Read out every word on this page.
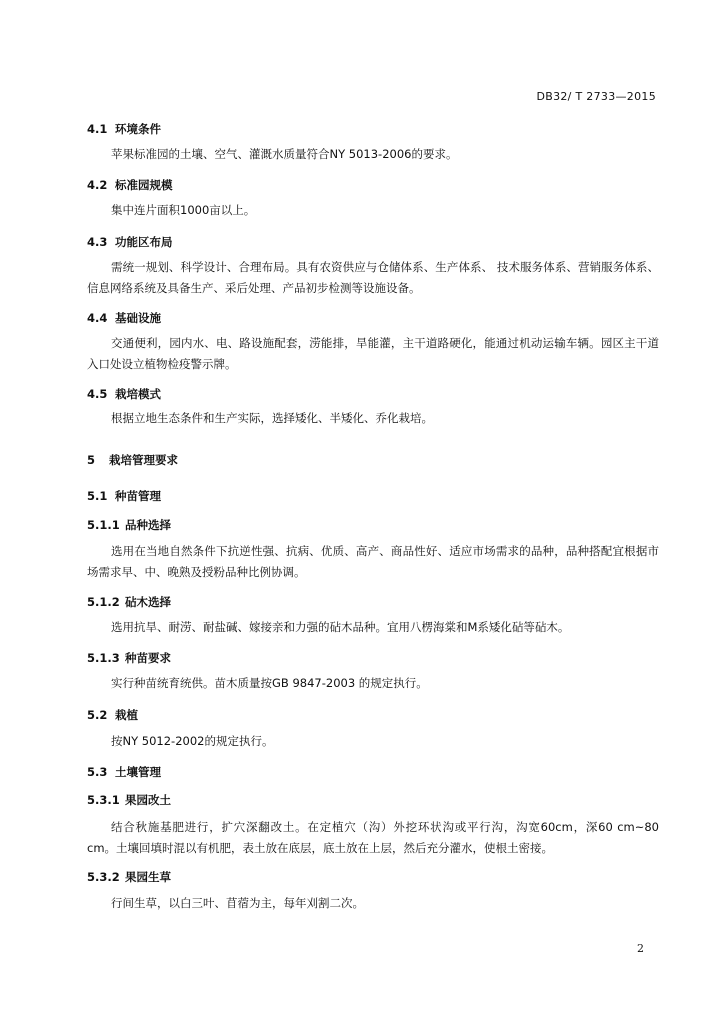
DB32/ T 2733—2015
4.1 环境条件

苹果标准园的土壤、空气、灌溉水质量符合NY 5013-2006的要求。

4.2 标准园规模

集中连片面积1000亩以上。

4.3 功能区布局

需统一规划、科学设计、合理布局。具有农资供应与仓储体系、生产体系、 技术服务体系、营销服务体系、 信息网络系统及具备生产、采后处理、产品初步检测等设施设备。

4.4 基础设施

交通便利，园内水、电、路设施配套，涝能排，旱能灌，主干道路硬化，能通过机动运输车辆。园区主干道入口处设立植物检疫警示牌。

4.5 栽培模式

根据立地生态条件和生产实际，选择矮化、半矮化、乔化栽培。

5 栽培管理要求
5.1 种苗管理
5.1.1 品种选择

选用在当地自然条件下抗逆性强、抗病、优质、高产、商品性好、适应市场需求的品种，品种搭配宜根据市场需求早、中、晚熟及授粉品种比例协调。

5.1.2 砧木选择

选用抗旱、耐涝、耐盐碱、嫁接亲和力强的砧木品种。宜用八楞海棠和M系矮化砧等砧木。

5.1.3 种苗要求

实行种苗统育统供。苗木质量按GB 9847-2003 的规定执行。

5.2 栽植

按NY 5012-2002的规定执行。

5.3 土壤管理
5.3.1 果园改土

结合秋施基肥进行，扩穴深翻改土。在定植穴（沟）外挖环状沟或平行沟，沟宽60cm，深60 cm~80 cm。土壤回填时混以有机肥，表土放在底层，底土放在上层，然后充分灌水，使根土密接。

5.3.2 果园生草

行间生草，以白三叶、苜蓿为主，每年刈割二次。

2
